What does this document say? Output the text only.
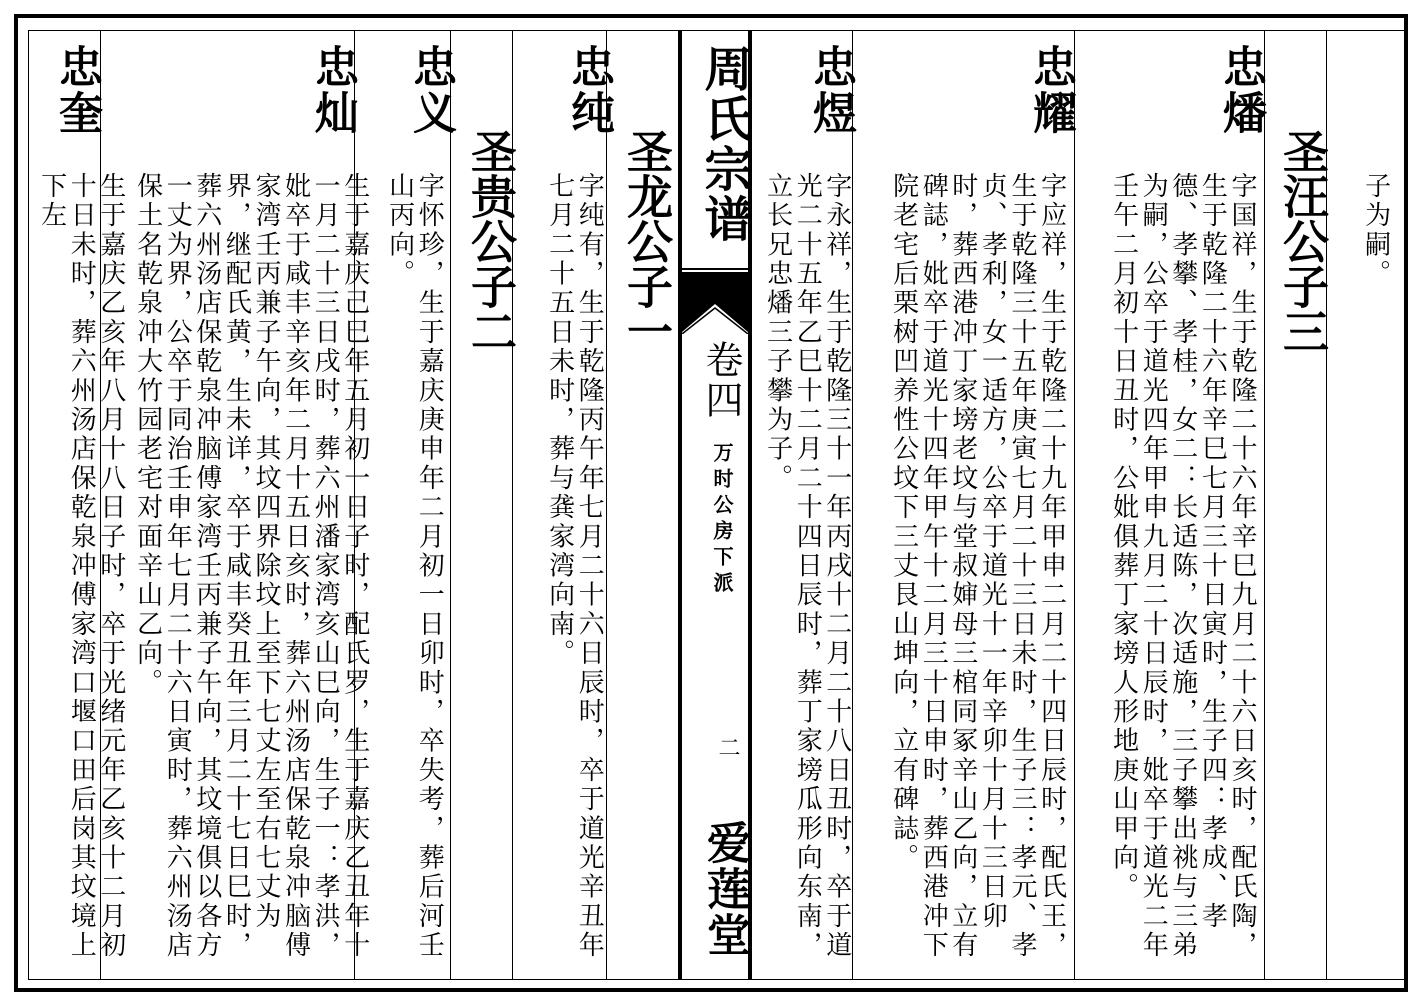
周氏宗谱
卷四
万时公房下派
二
爱莲堂
子为嗣。
圣汪公子三
忠燔
字国祥，生于乾隆二十六年辛巳九月二十六日亥时，配氏陶，生于乾隆二十六年辛巳七月三十日寅时，生子四：孝成、孝德、孝攀、孝桂，女二：长适陈，次适施，三子攀出祧与三弟为嗣，公卒于道光四年甲申九月二十日辰时，妣卒于道光二年壬午二月初十日丑时，公妣俱葬丁家塝人形地庚山甲向。
忠耀
字应祥，生于乾隆二十九年甲申二月二十四日辰时，配氏王，生于乾隆三十五年庚寅七月二十三日未时，生子三：孝元、孝贞、孝利，女一适方，公卒于道光十一年辛卯十月十三日卯时，葬西港冲丁家塝老坟与堂叔婶母三棺同冢辛山乙向，立有碑誌，妣卒于道光十四年甲午十二月三十日申时，葬西港冲下院老宅后栗树凹养性公坟下三丈艮山坤向，立有碑誌。
忠煜
字永祥，生于乾隆三十一年丙戌十二月二十八日丑时，卒于道光二十五年乙巳十二月二十四日辰时，葬丁家塝瓜形向东南，立长兄忠燔三子攀为子。
圣龙公子一
忠纯
字纯有，生于乾隆丙午年七月二十六日辰时，卒于道光辛丑年七月二十五日未时，葬与龚家湾向南。
圣贵公子二
忠义
字怀珍，生于嘉庆庚申年二月初一日卯时，卒失考，葬后河壬山丙向。
忠灿
生于嘉庆己巳年五月初一日子时，配氏罗，生于嘉庆乙丑年十一月二十三日戌时，葬六州潘家湾亥山巳向，生子一：孝洪，妣卒于咸丰辛亥年二月十五日亥时，葬六州汤店保乾泉冲脑傅家湾壬丙兼子午向，其坟四界除坟上至下七丈左至右七丈为界，继配氏黄，生未详，卒于咸丰癸丑年三月二十七日巳时，葬六州汤店保乾泉冲脑傅家湾壬丙兼子午向，其坟境俱以各方一丈为界，公卒于同治壬申年七月二十六日寅时，葬六州汤店保土名乾泉冲大竹园老宅对面辛山乙向。
忠奎
生于嘉庆乙亥年八月十八日子时，卒于光绪元年乙亥十二月初十日未时，葬六州汤店保乾泉冲傅家湾口堰口田后岗其坟境上下左
